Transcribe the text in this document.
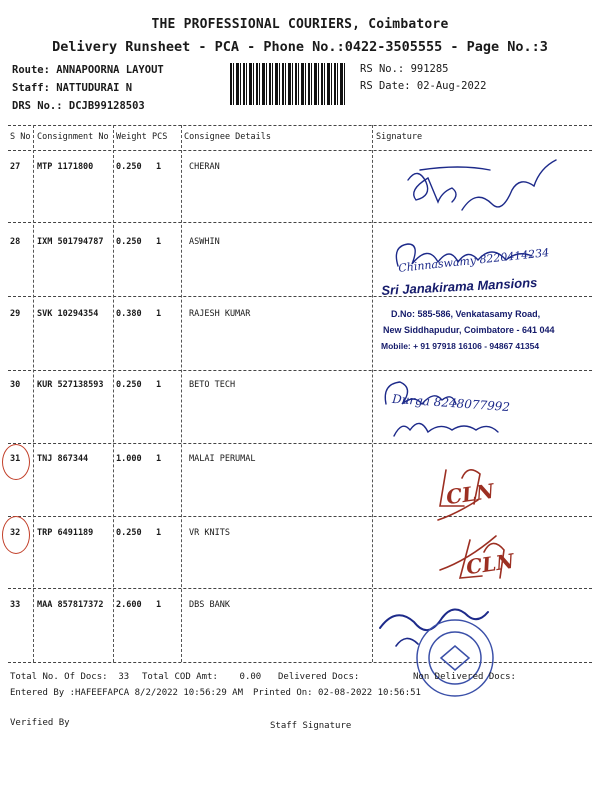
THE PROFESSIONAL COURIERS, Coimbatore
Delivery Runsheet - PCA - Phone No.:0422-3505555 - Page No.:3
Route: ANNAPOORNA LAYOUT
Staff: NATTUDURAI N
DRS No.: DCJB99128503
RS No.: 991285
RS Date: 02-Aug-2022
S No Consignment No Weight PCS Consignee Details	Signature
27 MTP 1171800	0.250 1	CHERAN
28 IXM 501794787 0.250 1	ASWHIN
29 SVK 10294354 0.380 1	RAJESH KUMAR
30 KUR 527138593 0.250 1	BETO TECH
31 TNJ 867344	1.000 1	MALAI PERUMAL
32 TRP 6491189	0.250 1	VR KNITS
33 MAA 857817372 2.600 1	DBS BANK
Chinnaswamy 8220414234
Durga 8248077992
CLN
CLN
Sri Janakirama Mansions
D.No: 585-586, Venkatasamy Road,
New Siddhapudur, Coimbatore - 641 044
Mobile: + 91 97918 16106 - 94867 41354
Total No. Of Docs:  33 Total COD Amt:    0.00 Delivered Docs:	Non Delivered Docs:
Entered By :HAFEEFAPCA 8/2/2022 10:56:29 AM Printed On: 02-08-2022 10:56:51
Verified By	Staff Signature
